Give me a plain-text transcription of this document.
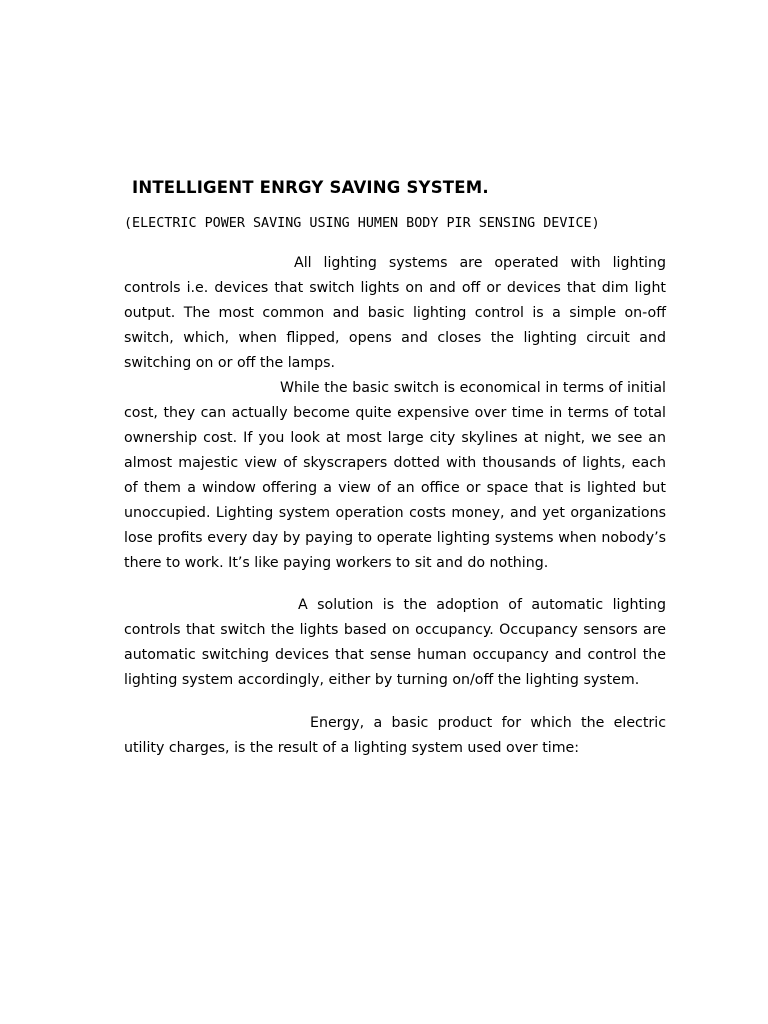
INTELLIGENT ENRGY SAVING SYSTEM.
(ELECTRIC POWER SAVING USING HUMEN BODY PIR SENSING DEVICE)

All lighting systems are operated with lighting controls i.e. devices that switch lights on and off or devices that dim light output. The most common and basic lighting control is a simple on-off switch, which, when flipped, opens and closes the lighting circuit and switching on or off the lamps.

While the basic switch is economical in terms of initial cost, they can actually become quite expensive over time in terms of total ownership cost. If you look at most large city skylines at night, we see an almost majestic view of skyscrapers dotted with thousands of lights, each of them a window offering a view of an office or space that is lighted but unoccupied. Lighting system operation costs money, and yet organizations lose profits every day by paying to operate lighting systems when nobody’s there to work. It’s like paying workers to sit and do nothing.

A solution is the adoption of automatic lighting controls that switch the lights based on occupancy. Occupancy sensors are automatic switching devices that sense human occupancy and control the lighting system accordingly, either by turning on/off the lighting system.

Energy, a basic product for which the electric utility charges, is the result of a lighting system used over time:
